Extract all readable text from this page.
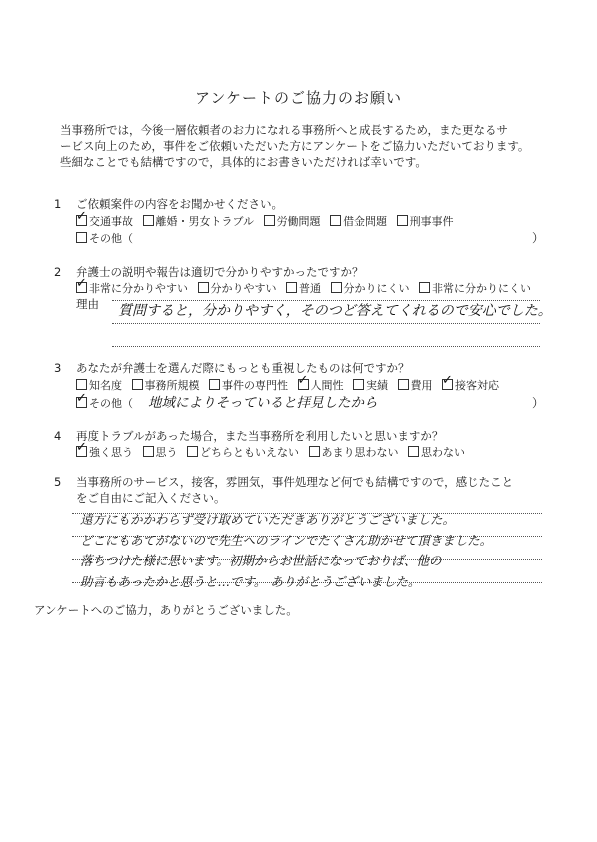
アンケートのご協力のお願い
当事務所では，今後一層依頼者のお力になれる事務所へと成長するため，また更なるサ
ービス向上のため，事件をご依頼いただいた方にアンケートをご協力いただいております。
些細なことでも結構ですので，具体的にお書きいただければ幸いです。
1 ご依頼案件の内容をお聞かせください。
✓交通事故 離婚・男女トラブル 労働問題 借金問題 刑事事件
その他（	）
2 弁護士の説明や報告は適切で分かりやすかったですか？
✓非常に分かりやすい 分かりやすい 普通 分かりにくい 非常に分かりにくい
理由 質問すると，分かりやすく，そのつど答えてくれるので安心でした。
3 あなたが弁護士を選んだ際にもっとも重視したものは何ですか？
知名度 事務所規模 事件の専門性 ✓ 人間性 実績 費用 ✓ 接客対応
✓その他（ 地域によりそっていると拝見したから	）
4 再度トラブルがあった場合，また当事務所を利用したいと思いますか？
✓強く思う 思う どちらともいえない あまり思わない 思わない
5 当事務所のサービス，接客，雰囲気，事件処理など何でも結構ですので，感じたこと
をご自由にご記入ください。
遠方にもかかわらず受け取めていただきありがとうございました。
どこにもあてがないので先生へのラインでたくさん助かせて頂きました。
落ちつけた様に思います。初期からお世話になっておりば、他の
助言もあったかと思うと…です。 ありがとうございました。
アンケートへのご協力，ありがとうございました。
